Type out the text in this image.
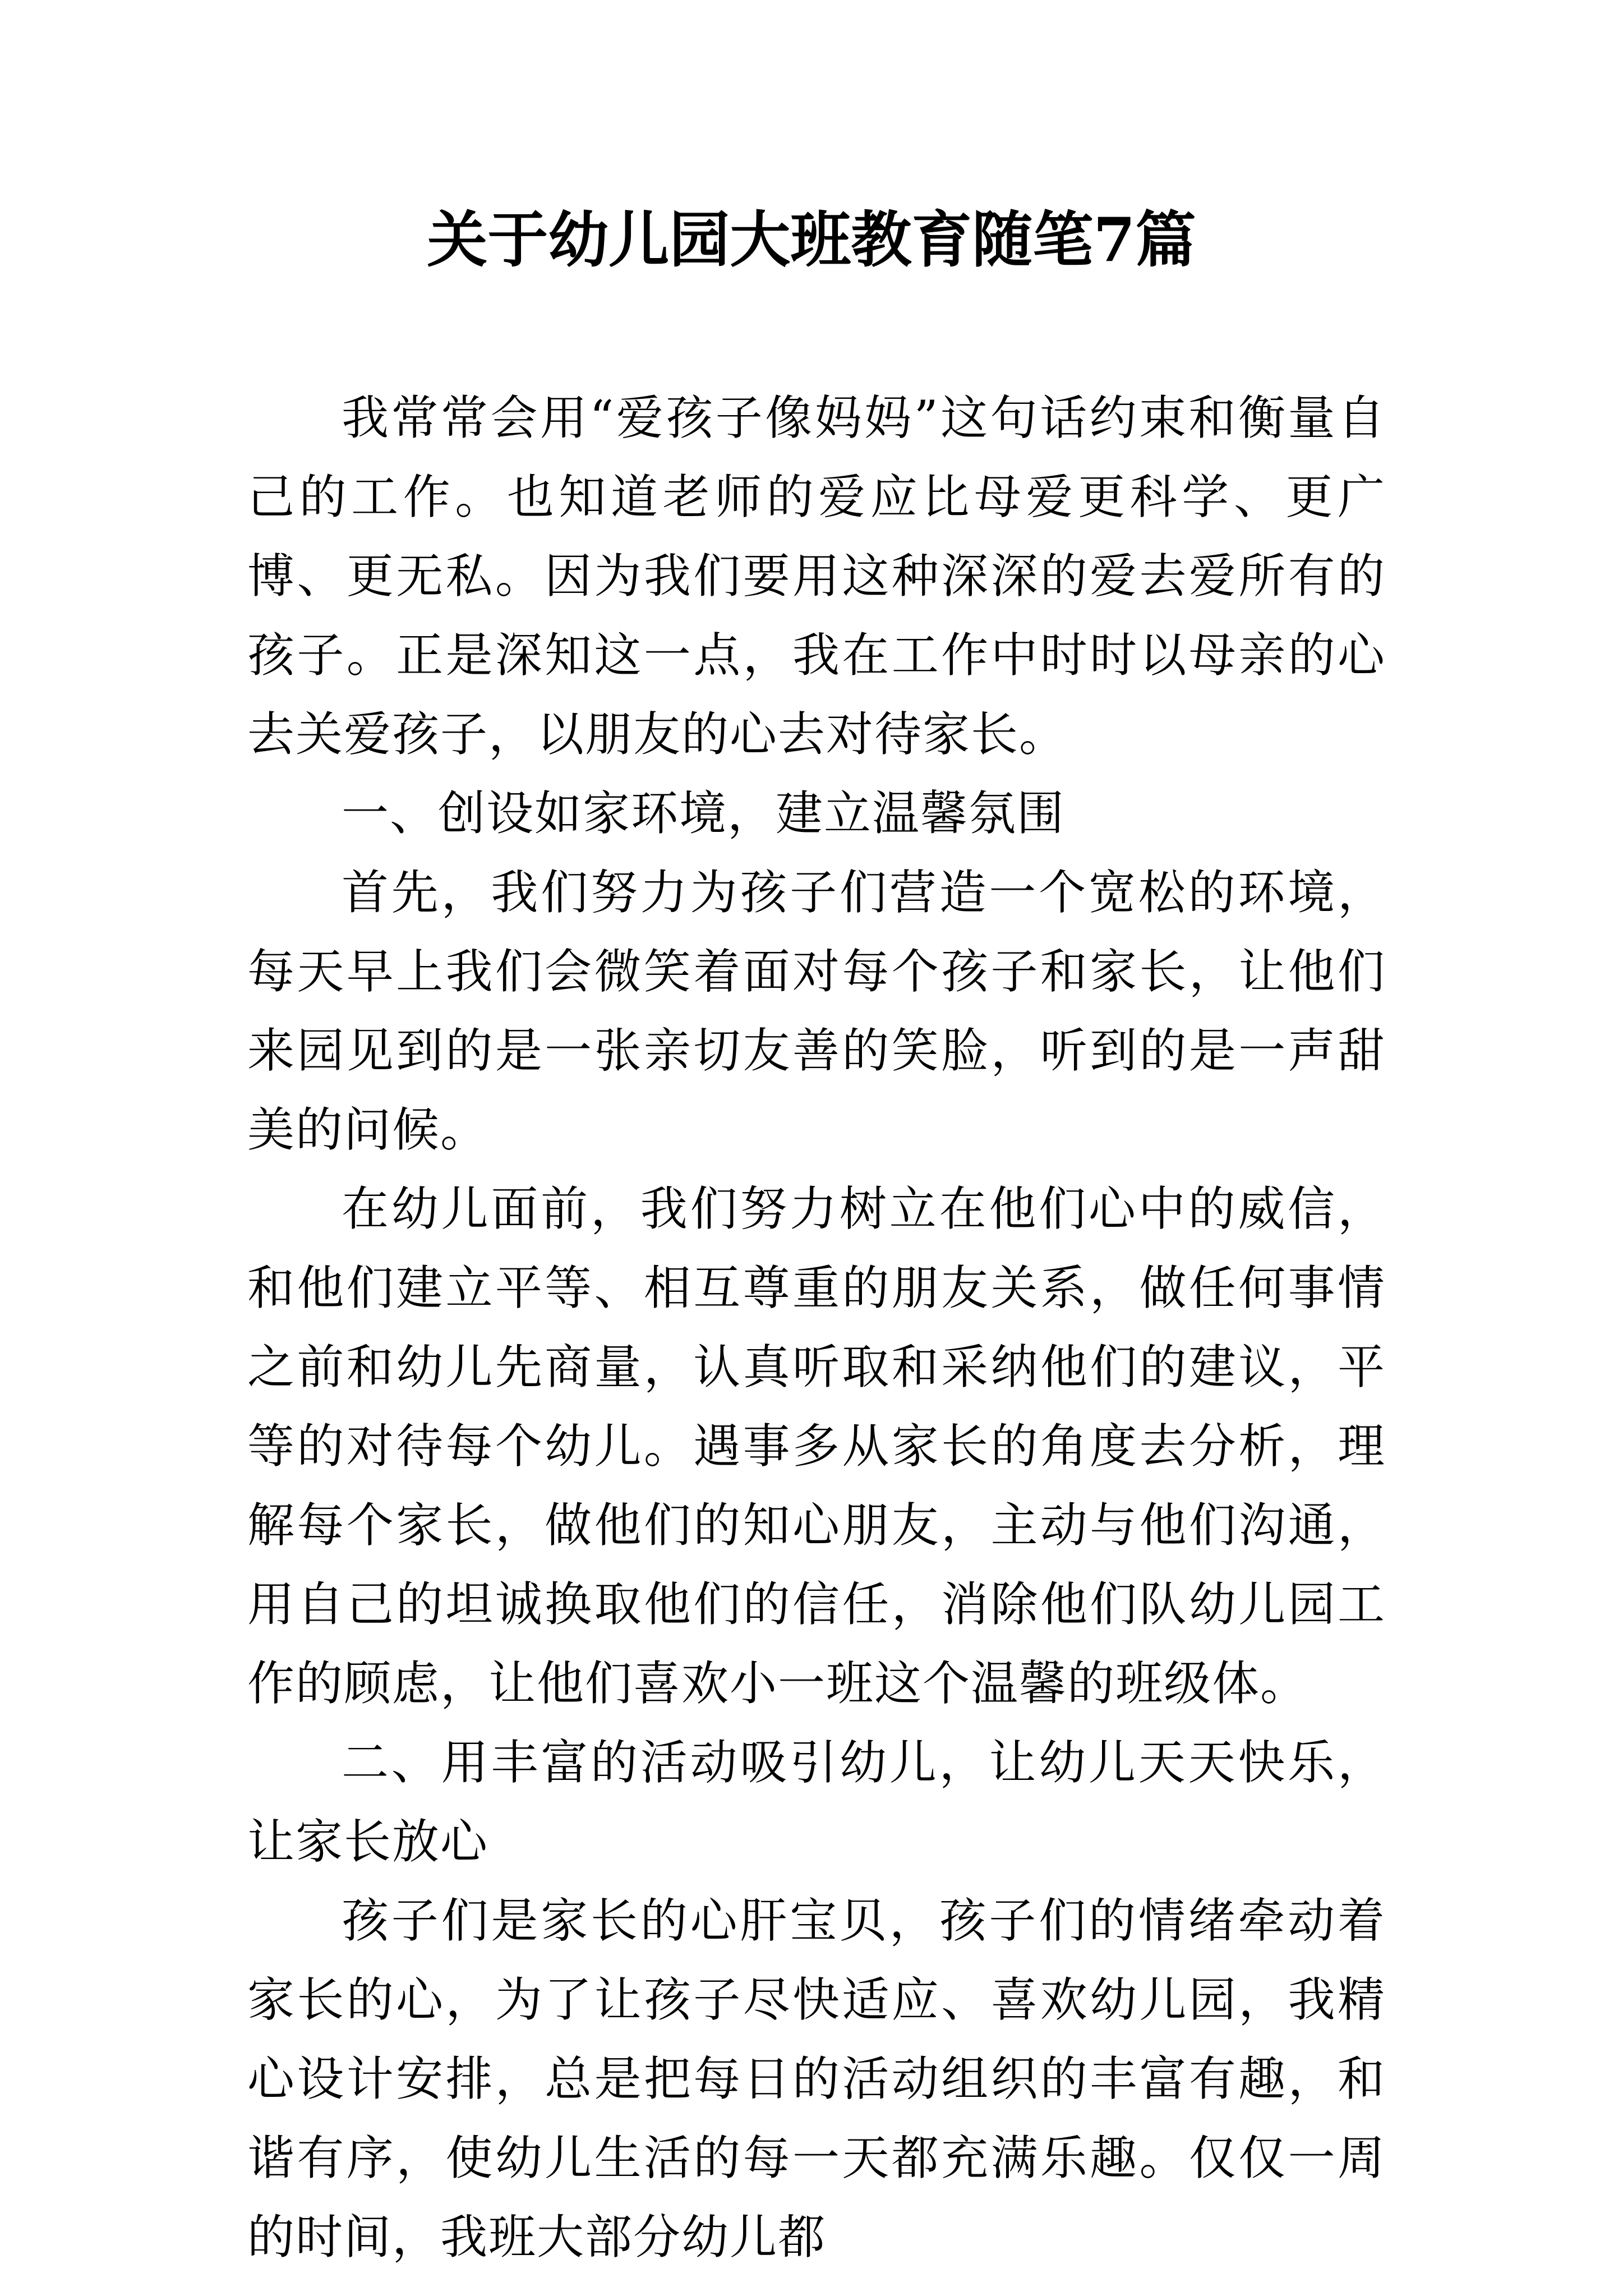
关于幼儿园大班教育随笔7篇

我常常会用“爱孩子像妈妈”这句话约束和衡量自己的工作。也知道老师的爱应比母爱更科学、更广博、更无私。因为我们要用这种深深的爱去爱所有的孩子。正是深知这一点，我在工作中时时以母亲的心去关爱孩子，以朋友的心去对待家长。

一、创设如家环境，建立温馨氛围

首先，我们努力为孩子们营造一个宽松的环境，每天早上我们会微笑着面对每个孩子和家长，让他们来园见到的是一张亲切友善的笑脸，听到的是一声甜美的问候。

在幼儿面前，我们努力树立在他们心中的威信，和他们建立平等、相互尊重的朋友关系，做任何事情之前和幼儿先商量，认真听取和采纳他们的建议，平等的对待每个幼儿。遇事多从家长的角度去分析，理解每个家长，做他们的知心朋友，主动与他们沟通，用自己的坦诚换取他们的信任，消除他们队幼儿园工作的顾虑，让他们喜欢小一班这个温馨的班级体。

二、用丰富的活动吸引幼儿，让幼儿天天快乐，让家长放心

孩子们是家长的心肝宝贝，孩子们的情绪牵动着家长的心，为了让孩子尽快适应、喜欢幼儿园，我精心设计安排，总是把每日的活动组织的丰富有趣，和谐有序，使幼儿生活的每一天都充满乐趣。仅仅一周的时间，我班大部分幼儿都
